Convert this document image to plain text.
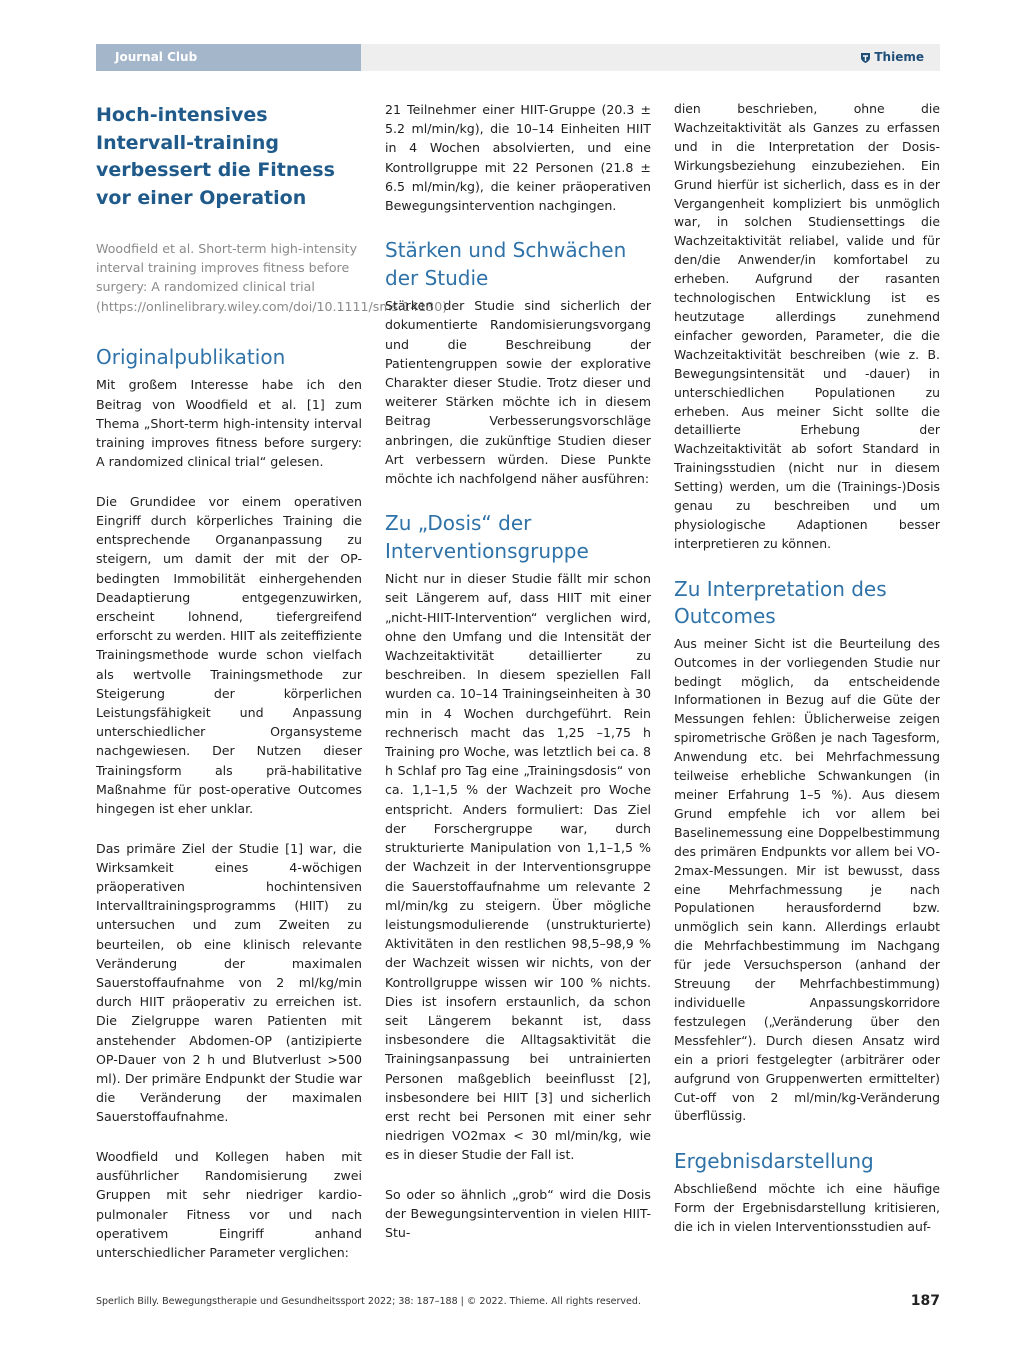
Journal Club	Thieme
Hoch-intensives Intervall-training verbessert die Fitness vor einer Operation
Woodfield et al. Short-term high-intensity interval training improves fitness before surgery: A randomized clinical trial (https://onlinelibrary.wiley.com/doi/10.1111/sms.14130)
Originalpublikation

Mit großem Interesse habe ich den Beitrag von Woodfield et al. [1] zum Thema „Short-term high-intensity interval training improves fitness before surgery: A randomized clinical trial“ gelesen.

Die Grundidee vor einem operativen Eingriff durch körperliches Training die entsprechende Organanpassung zu steigern, um damit der mit der OP-bedingten Immobilität einhergehenden Deadaptierung entgegenzuwirken, erscheint lohnend, tiefergreifend erforscht zu werden. HIIT als zeiteffiziente Trainingsmethode wurde schon vielfach als wertvolle Trainingsmethode zur Steigerung der körperlichen Leistungsfähigkeit und Anpassung unterschiedlicher Organsysteme nachgewiesen. Der Nutzen dieser Trainingsform als prä-habilitative Maßnahme für post-operative Outcomes hingegen ist eher unklar.

Das primäre Ziel der Studie [1] war, die Wirksamkeit eines 4-wöchigen präoperativen hochintensiven Intervalltrainingsprogramms (HIIT) zu untersuchen und zum Zweiten zu beurteilen, ob eine klinisch relevante Veränderung der maximalen Sauerstoffaufnahme von 2 ml/kg/min durch HIIT präoperativ zu erreichen ist. Die Zielgruppe waren Patienten mit anstehender Abdomen-OP (antizipierte OP-Dauer von 2 h und Blutverlust >500 ml). Der primäre Endpunkt der Studie war die Veränderung der maximalen Sauerstoffaufnahme.

Woodfield und Kollegen haben mit ausführlicher Randomisierung zwei Gruppen mit sehr niedriger kardio-pulmonaler Fitness vor und nach operativem Eingriff anhand unterschiedlicher Parameter verglichen:

21 Teilnehmer einer HIIT-Gruppe (20.3 ± 5.2 ml/min/kg), die 10–14 Einheiten HIIT in 4 Wochen absolvierten, und eine Kontrollgruppe mit 22 Personen (21.8 ± 6.5 ml/min/kg), die keiner präoperativen Bewegungsintervention nachgingen.

Stärken und Schwächen der Studie

Stärken der Studie sind sicherlich der dokumentierte Randomisierungsvorgang und die Beschreibung der Patientengruppen sowie der explorative Charakter dieser Studie. Trotz dieser und weiterer Stärken möchte ich in diesem Beitrag Verbesserungsvorschläge anbringen, die zukünftige Studien dieser Art verbessern würden. Diese Punkte möchte ich nachfolgend näher ausführen:

Zu „Dosis“ der Interventionsgruppe

Nicht nur in dieser Studie fällt mir schon seit Längerem auf, dass HIIT mit einer „nicht-HIIT-Intervention“ verglichen wird, ohne den Umfang und die Intensität der Wachzeitaktivität detaillierter zu beschreiben. In diesem speziellen Fall wurden ca. 10–14 Trainingseinheiten à 30 min in 4 Wochen durchgeführt. Rein rechnerisch macht das 1,25 –1,75 h Training pro Woche, was letztlich bei ca. 8 h Schlaf pro Tag eine „Trainingsdosis“ von ca. 1,1–1,5 % der Wachzeit pro Woche entspricht. Anders formuliert: Das Ziel der Forschergruppe war, durch strukturierte Manipulation von 1,1–1,5 % der Wachzeit in der Interventionsgruppe die Sauerstoffaufnahme um relevante 2 ml/min/kg zu steigern. Über mögliche leistungsmodulierende (unstrukturierte) Aktivitäten in den restlichen 98,5–98,9 % der Wachzeit wissen wir nichts, von der Kontrollgruppe wissen wir 100 % nichts. Dies ist insofern erstaunlich, da schon seit Längerem bekannt ist, dass insbesondere die Alltagsaktivität die Trainingsanpassung bei untrainierten Personen maßgeblich beeinflusst [2], insbesondere bei HIIT [3] und sicherlich erst recht bei Personen mit einer sehr niedrigen VO2max < 30 ml/min/kg, wie es in dieser Studie der Fall ist.

So oder so ähnlich „grob“ wird die Dosis der Bewegungsintervention in vielen HIIT-Stu-

dien beschrieben, ohne die Wachzeitaktivität als Ganzes zu erfassen und in die Interpretation der Dosis-Wirkungsbeziehung einzubeziehen. Ein Grund hierfür ist sicherlich, dass es in der Vergangenheit kompliziert bis unmöglich war, in solchen Studiensettings die Wachzeitaktivität reliabel, valide und für den/die Anwender/in komfortabel zu erheben. Aufgrund der rasanten technologischen Entwicklung ist es heutzutage allerdings zunehmend einfacher geworden, Parameter, die die Wachzeitaktivität beschreiben (wie z. B. Bewegungsintensität und -dauer) in unterschiedlichen Populationen zu erheben. Aus meiner Sicht sollte die detaillierte Erhebung der Wachzeitaktivität ab sofort Standard in Trainingsstudien (nicht nur in diesem Setting) werden, um die (Trainings-)Dosis genau zu beschreiben und um physiologische Adaptionen besser interpretieren zu können.

Zu Interpretation des Outcomes

Aus meiner Sicht ist die Beurteilung des Outcomes in der vorliegenden Studie nur bedingt möglich, da entscheidende Informationen in Bezug auf die Güte der Messungen fehlen: Üblicherweise zeigen spirometrische Größen je nach Tagesform, Anwendung etc. bei Mehrfachmessung teilweise erhebliche Schwankungen (in meiner Erfahrung 1–5 %). Aus diesem Grund empfehle ich vor allem bei Baselinemessung eine Doppelbestimmung des primären Endpunkts vor allem bei VO-2max-Messungen. Mir ist bewusst, dass eine Mehrfachmessung je nach Populationen herausfordernd bzw. unmöglich sein kann. Allerdings erlaubt die Mehrfachbestimmung im Nachgang für jede Versuchsperson (anhand der Streuung der Mehrfachbestimmung) individuelle Anpassungskorridore festzulegen („Veränderung über den Messfehler“). Durch diesen Ansatz wird ein a priori festgelegter (arbiträrer oder aufgrund von Gruppenwerten ermittelter) Cut-off von 2 ml/min/kg-Veränderung überflüssig.

Ergebnisdarstellung

Abschließend möchte ich eine häufige Form der Ergebnisdarstellung kritisieren, die ich in vielen Interventionsstudien auf-

Sperlich Billy. Bewegungstherapie und Gesundheitssport 2022; 38: 187–188 | © 2022. Thieme. All rights reserved.	187
